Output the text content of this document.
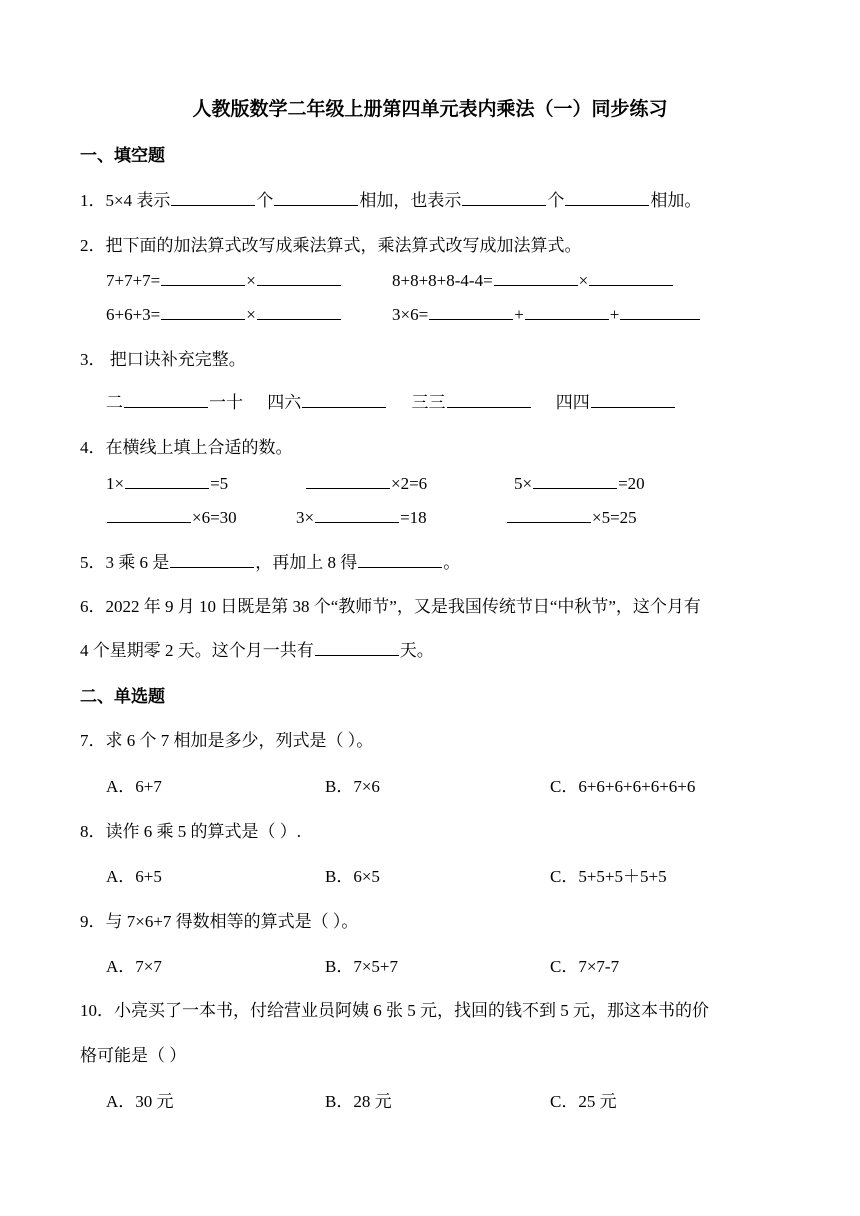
人教版数学二年级上册第四单元表内乘法（一）同步练习
一、填空题
1．5×4 表示	个	相加，也表示	个	相加。
2．把下面的加法算式改写成乘法算式，乘法算式改写成加法算式。
7+7+7=	×	8+8+8+8-4-4=	×
6+6+3=	×	3×6=	+	+
3． 把口诀补充完整。
二	一十 四六	三三	四四
4．在横线上填上合适的数。
1×	=5	×2=6	5×	=20
×6=30	3×	=18	×5=25
5．3 乘 6 是	，再加上 8 得	。
6．2022 年 9 月 10 日既是第 38 个“教师节”，又是我国传统节日“中秋节”，这个月有
4 个星期零 2 天。这个月一共有	天。
二、单选题
7．求 6 个 7 相加是多少，列式是（ ）。
A．6+7	B．7×6	C．6+6+6+6+6+6+6
8．读作 6 乘 5 的算式是（ ）.
A．6+5	B．6×5	C．5+5+5＋5+5
9．与 7×6+7 得数相等的算式是（ ）。
A．7×7	B．7×5+7	C．7×7-7
10．小亮买了一本书，付给营业员阿姨 6 张 5 元，找回的钱不到 5 元，那这本书的价
格可能是（ ）
A．30 元	B．28 元	C．25 元
